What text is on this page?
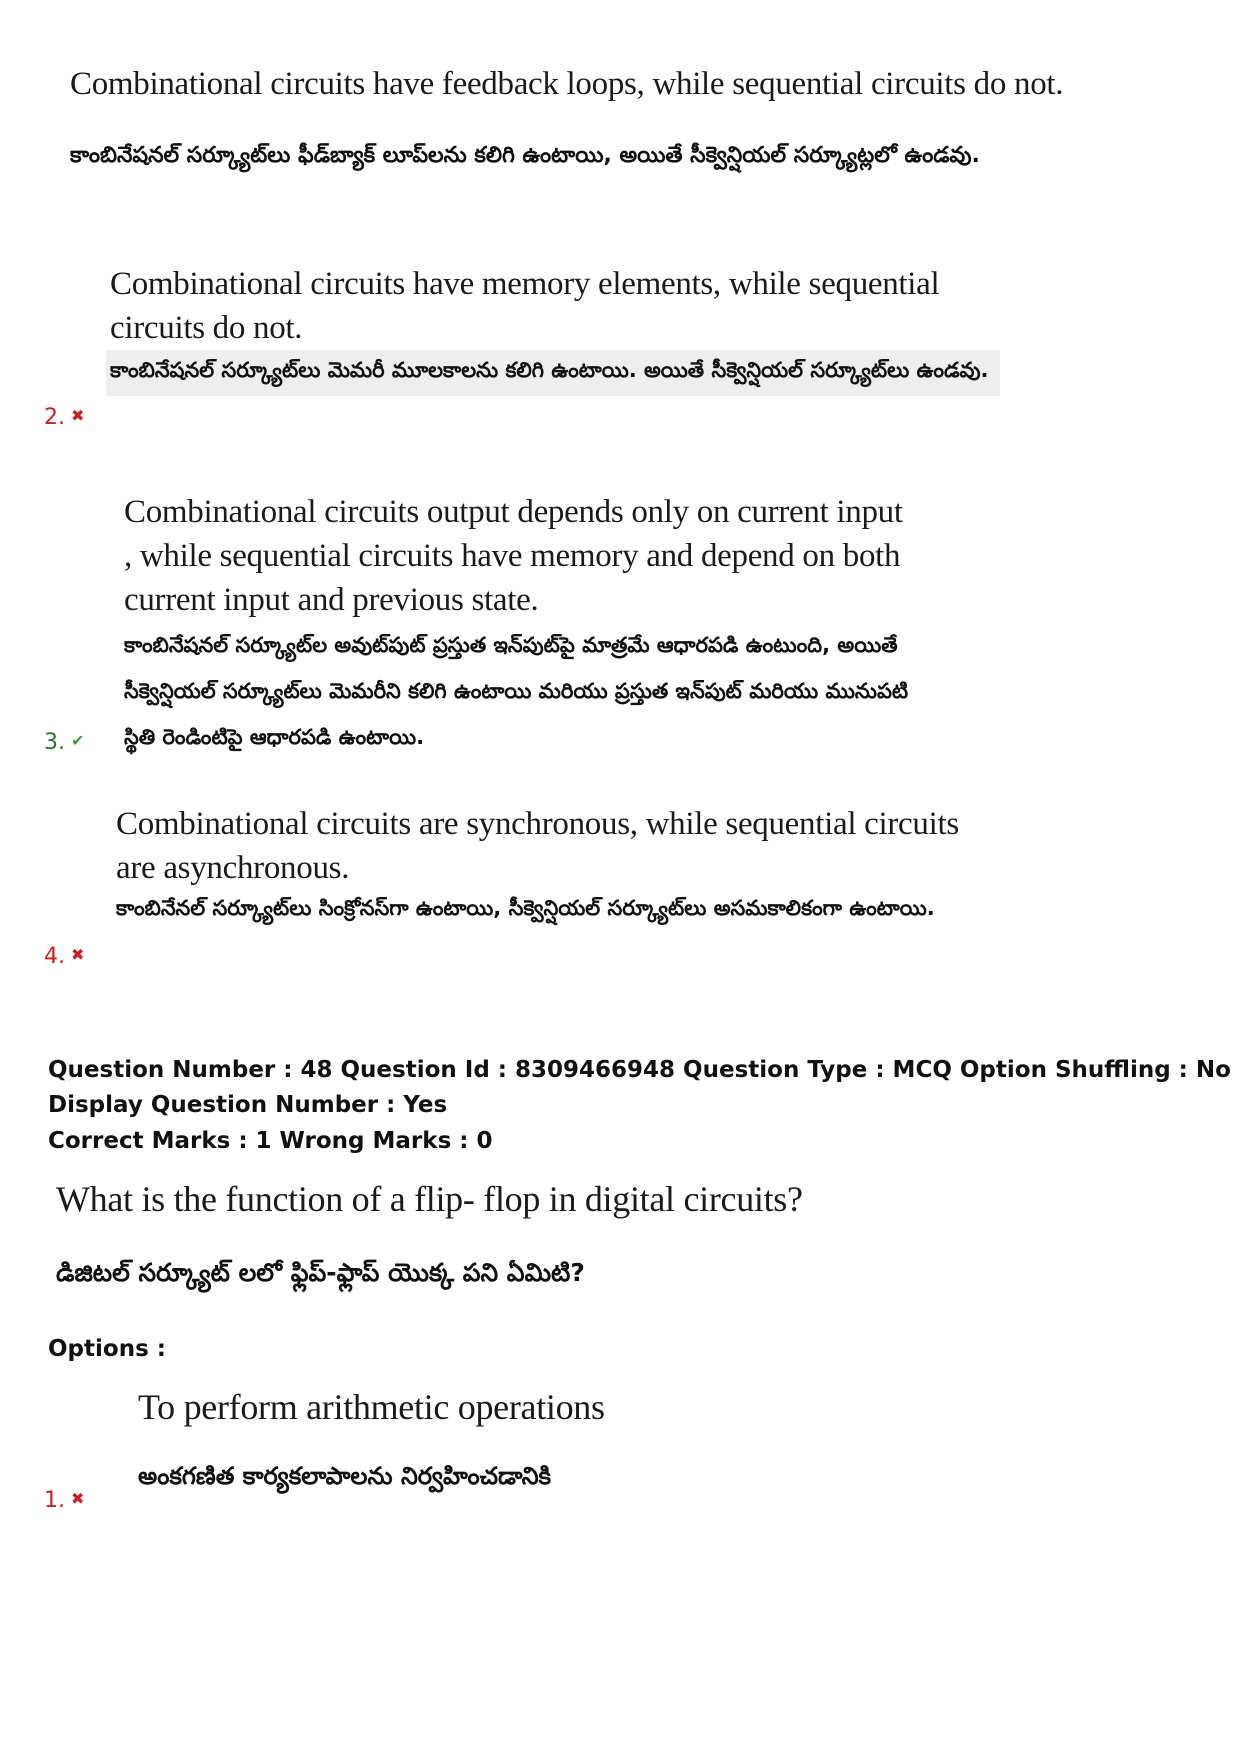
Combinational circuits have feedback loops, while sequential circuits do not.
కాంబినేషనల్ సర్క్యూట్‌లు ఫీడ్‌బ్యాక్ లూప్‌లను కలిగి ఉంటాయి, అయితే సీక్వెన్షియల్ సర్క్యూట్లలో ఉండవు.
Combinational circuits have memory elements, while sequential circuits do not.
కాంబినేషనల్ సర్క్యూట్‌లు మెమరీ మూలకాలను కలిగి ఉంటాయి. అయితే సీక్వెన్షియల్ సర్క్యూట్‌లు ఉండవు.
2. ✖
Combinational circuits output depends only on current input , while sequential circuits have memory and depend on both current input and previous state.
కాంబినేషనల్ సర్క్యూట్‌ల అవుట్‌పుట్ ప్రస్తుత ఇన్‌పుట్‌పై మాత్రమే ఆధారపడి ఉంటుంది, అయితే సీక్వెన్షియల్ సర్క్యూట్‌లు మెమరీని కలిగి ఉంటాయి మరియు ప్రస్తుత ఇన్‌పుట్ మరియు మునుపటి స్థితి రెండింటిపై ఆధారపడి ఉంటాయి.
3. ✔
Combinational circuits are synchronous, while sequential circuits are asynchronous.
కాంబినేనల్ సర్క్యూట్‌లు సింక్రోనస్‌గా ఉంటాయి, సీక్వెన్షియల్ సర్క్యూట్‌లు అసమకాలికంగా ఉంటాయి.
4. ✖
Question Number : 48 Question Id : 8309466948 Question Type : MCQ Option Shuffling : No
Display Question Number : Yes
Correct Marks : 1 Wrong Marks : 0
What is the function of a flip- flop in digital circuits?
డిజిటల్ సర్క్యూట్ లలో ఫ్లిప్-ఫ్లాప్ యొక్క పని ఏమిటి?
Options :
To perform arithmetic operations
అంకగణిత కార్యకలాపాలను నిర్వహించడానికి
1. ✖
